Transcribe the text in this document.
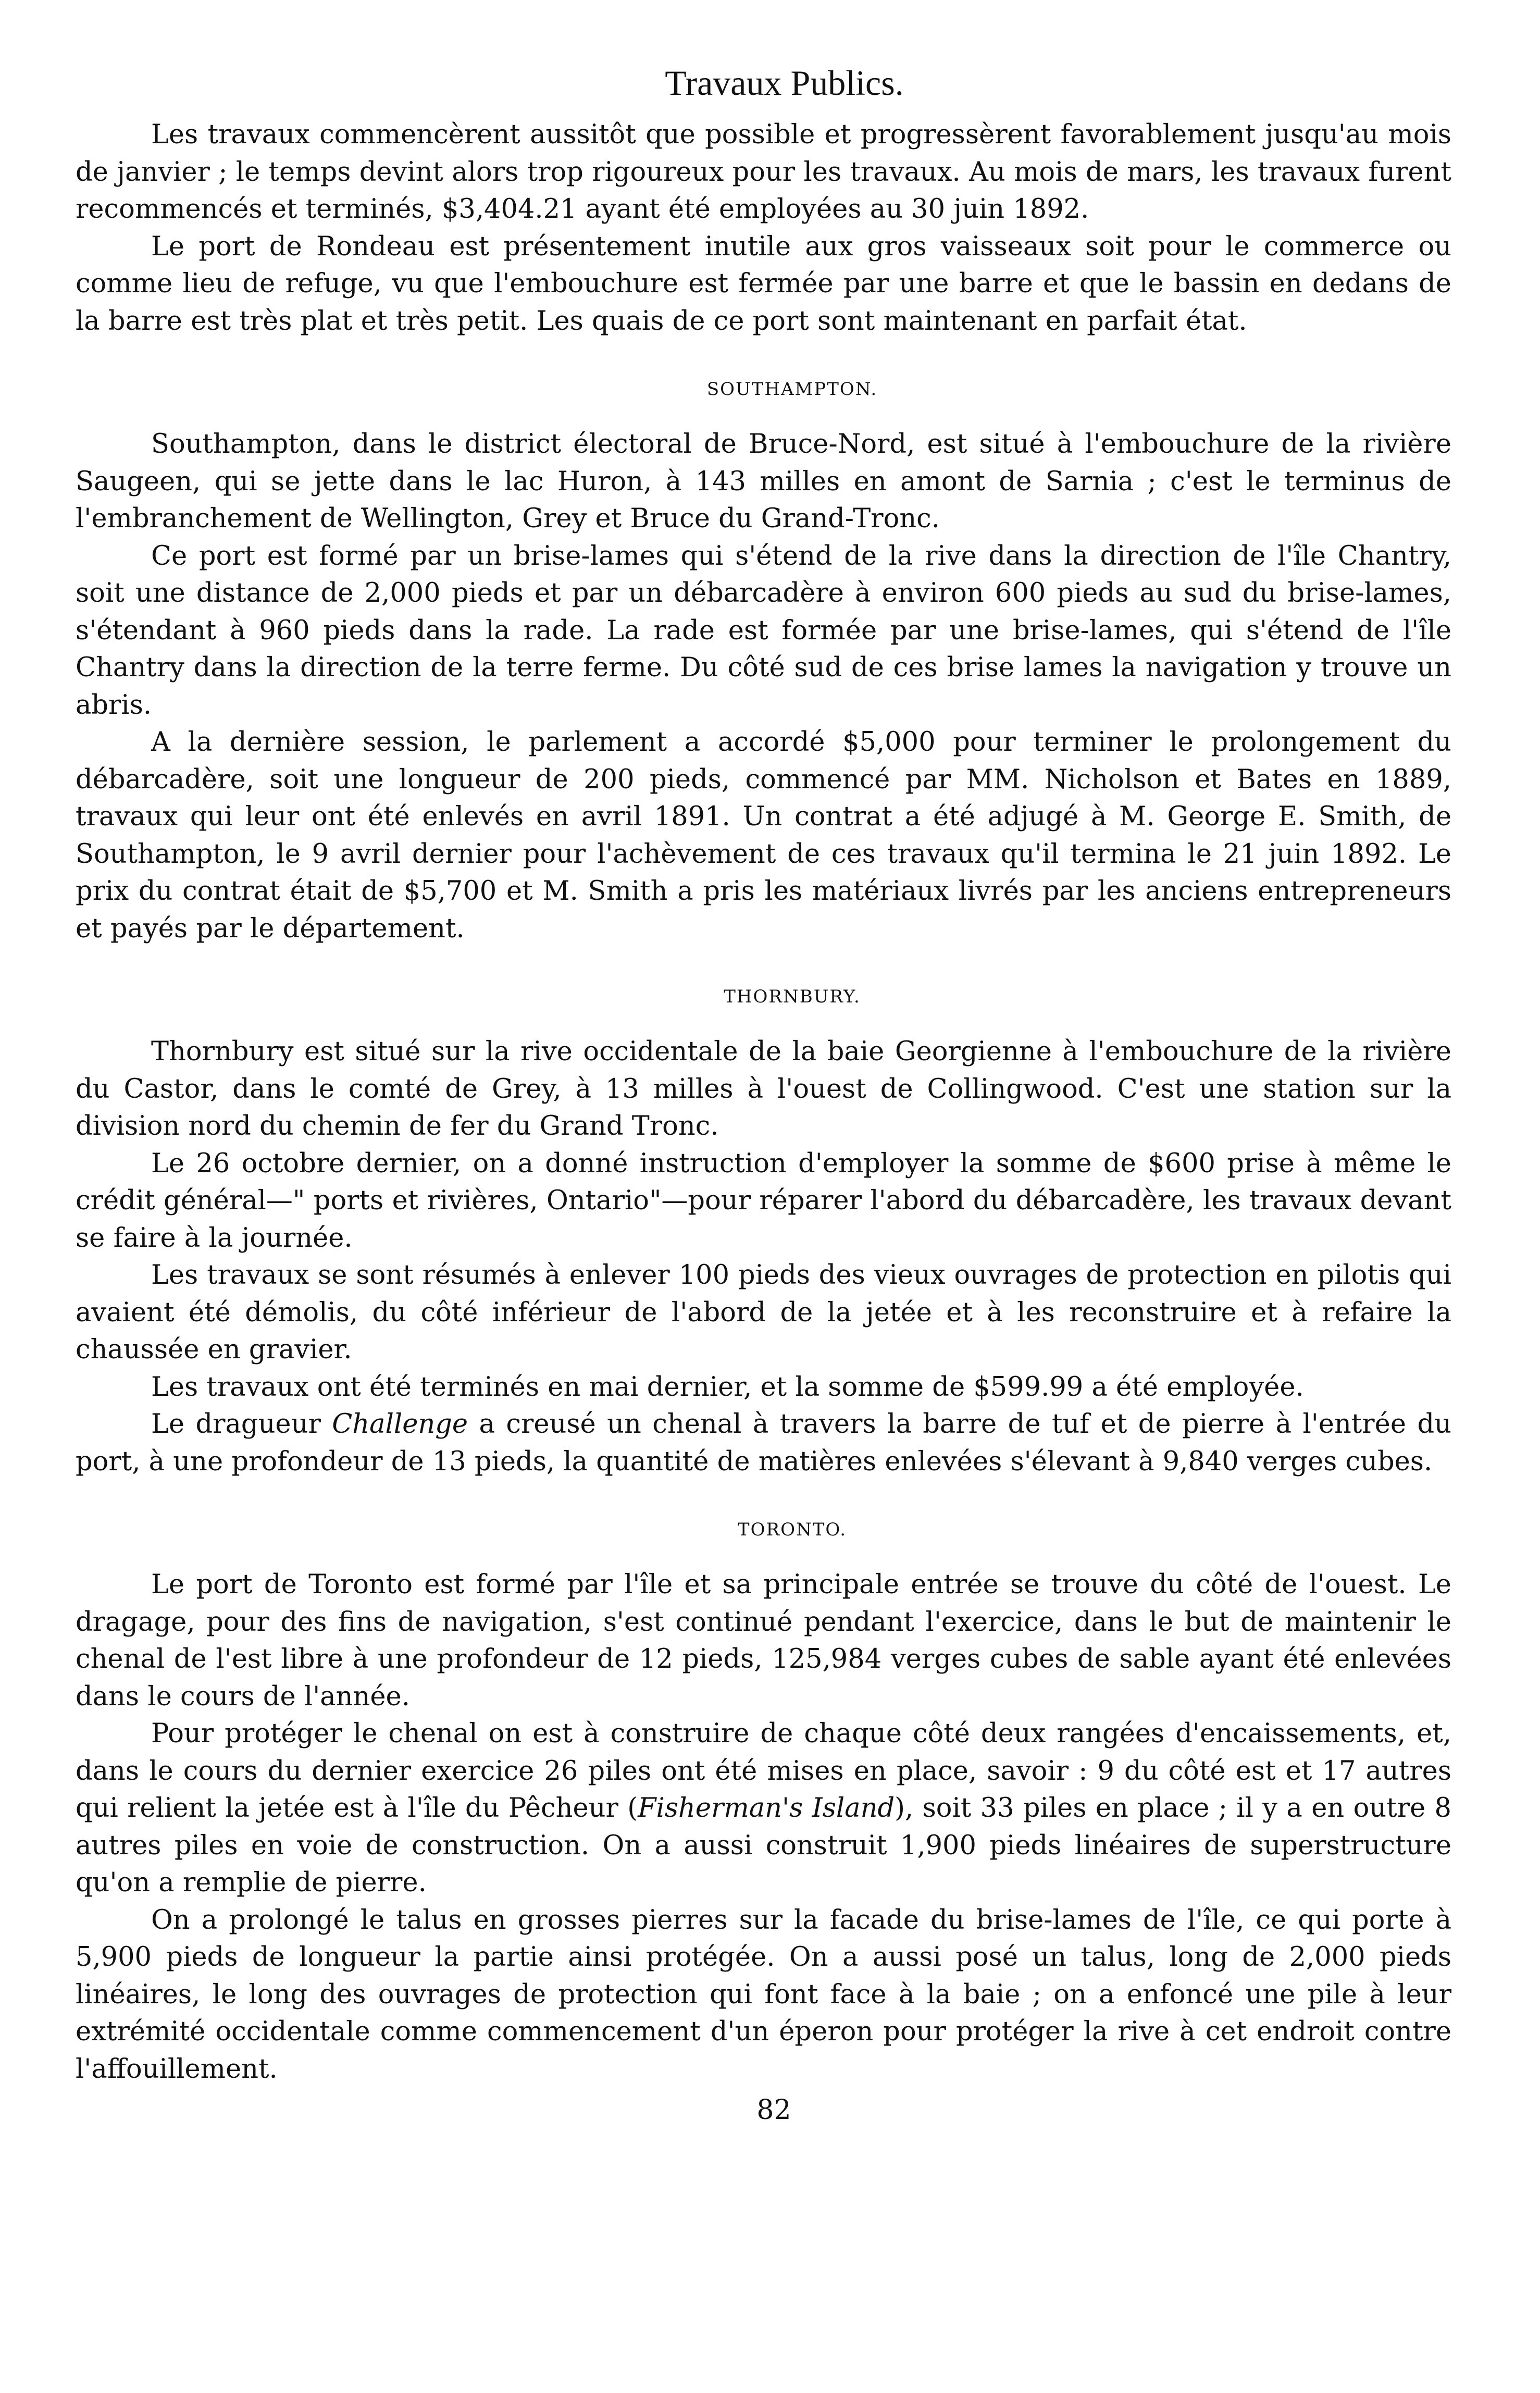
Travaux Publics.

Les travaux commencèrent aussitôt que possible et progressèrent favorablement jusqu'au mois de janvier ; le temps devint alors trop rigoureux pour les travaux. Au mois de mars, les travaux furent recommencés et terminés, $3,404.21 ayant été employées au 30 juin 1892.

Le port de Rondeau est présentement inutile aux gros vaisseaux soit pour le commerce ou comme lieu de refuge, vu que l'embouchure est fermée par une barre et que le bassin en dedans de la barre est très plat et très petit. Les quais de ce port sont maintenant en parfait état.

SOUTHAMPTON.

Southampton, dans le district électoral de Bruce-Nord, est situé à l'embouchure de la rivière Saugeen, qui se jette dans le lac Huron, à 143 milles en amont de Sarnia ; c'est le terminus de l'embranchement de Wellington, Grey et Bruce du Grand-Tronc.

Ce port est formé par un brise-lames qui s'étend de la rive dans la direction de l'île Chantry, soit une distance de 2,000 pieds et par un débarcadère à environ 600 pieds au sud du brise-lames, s'étendant à 960 pieds dans la rade. La rade est formée par une brise-lames, qui s'étend de l'île Chantry dans la direction de la terre ferme. Du côté sud de ces brise lames la navigation y trouve un abris.

A la dernière session, le parlement a accordé $5,000 pour terminer le prolongement du débarcadère, soit une longueur de 200 pieds, commencé par MM. Nicholson et Bates en 1889, travaux qui leur ont été enlevés en avril 1891. Un contrat a été adjugé à M. George E. Smith, de Southampton, le 9 avril dernier pour l'achèvement de ces travaux qu'il termina le 21 juin 1892. Le prix du contrat était de $5,700 et M. Smith a pris les matériaux livrés par les anciens entrepreneurs et payés par le département.

THORNBURY.

Thornbury est situé sur la rive occidentale de la baie Georgienne à l'embouchure de la rivière du Castor, dans le comté de Grey, à 13 milles à l'ouest de Collingwood. C'est une station sur la division nord du chemin de fer du Grand Tronc.

Le 26 octobre dernier, on a donné instruction d'employer la somme de $600 prise à même le crédit général—" ports et rivières, Ontario"—pour réparer l'abord du débarcadère, les travaux devant se faire à la journée.

Les travaux se sont résumés à enlever 100 pieds des vieux ouvrages de protection en pilotis qui avaient été démolis, du côté inférieur de l'abord de la jetée et à les reconstruire et à refaire la chaussée en gravier.

Les travaux ont été terminés en mai dernier, et la somme de $599.99 a été employée.

Le dragueur Challenge a creusé un chenal à travers la barre de tuf et de pierre à l'entrée du port, à une profondeur de 13 pieds, la quantité de matières enlevées s'élevant à 9,840 verges cubes.

TORONTO.

Le port de Toronto est formé par l'île et sa principale entrée se trouve du côté de l'ouest. Le dragage, pour des fins de navigation, s'est continué pendant l'exercice, dans le but de maintenir le chenal de l'est libre à une profondeur de 12 pieds, 125,984 verges cubes de sable ayant été enlevées dans le cours de l'année.

Pour protéger le chenal on est à construire de chaque côté deux rangées d'encaissements, et, dans le cours du dernier exercice 26 piles ont été mises en place, savoir : 9 du côté est et 17 autres qui relient la jetée est à l'île du Pêcheur (Fisherman's Island), soit 33 piles en place ; il y a en outre 8 autres piles en voie de construction. On a aussi construit 1,900 pieds linéaires de superstructure qu'on a remplie de pierre.

On a prolongé le talus en grosses pierres sur la facade du brise-lames de l'île, ce qui porte à 5,900 pieds de longueur la partie ainsi protégée. On a aussi posé un talus, long de 2,000 pieds linéaires, le long des ouvrages de protection qui font face à la baie ; on a enfoncé une pile à leur extrémité occidentale comme commencement d'un éperon pour protéger la rive à cet endroit contre l'affouillement.

82
